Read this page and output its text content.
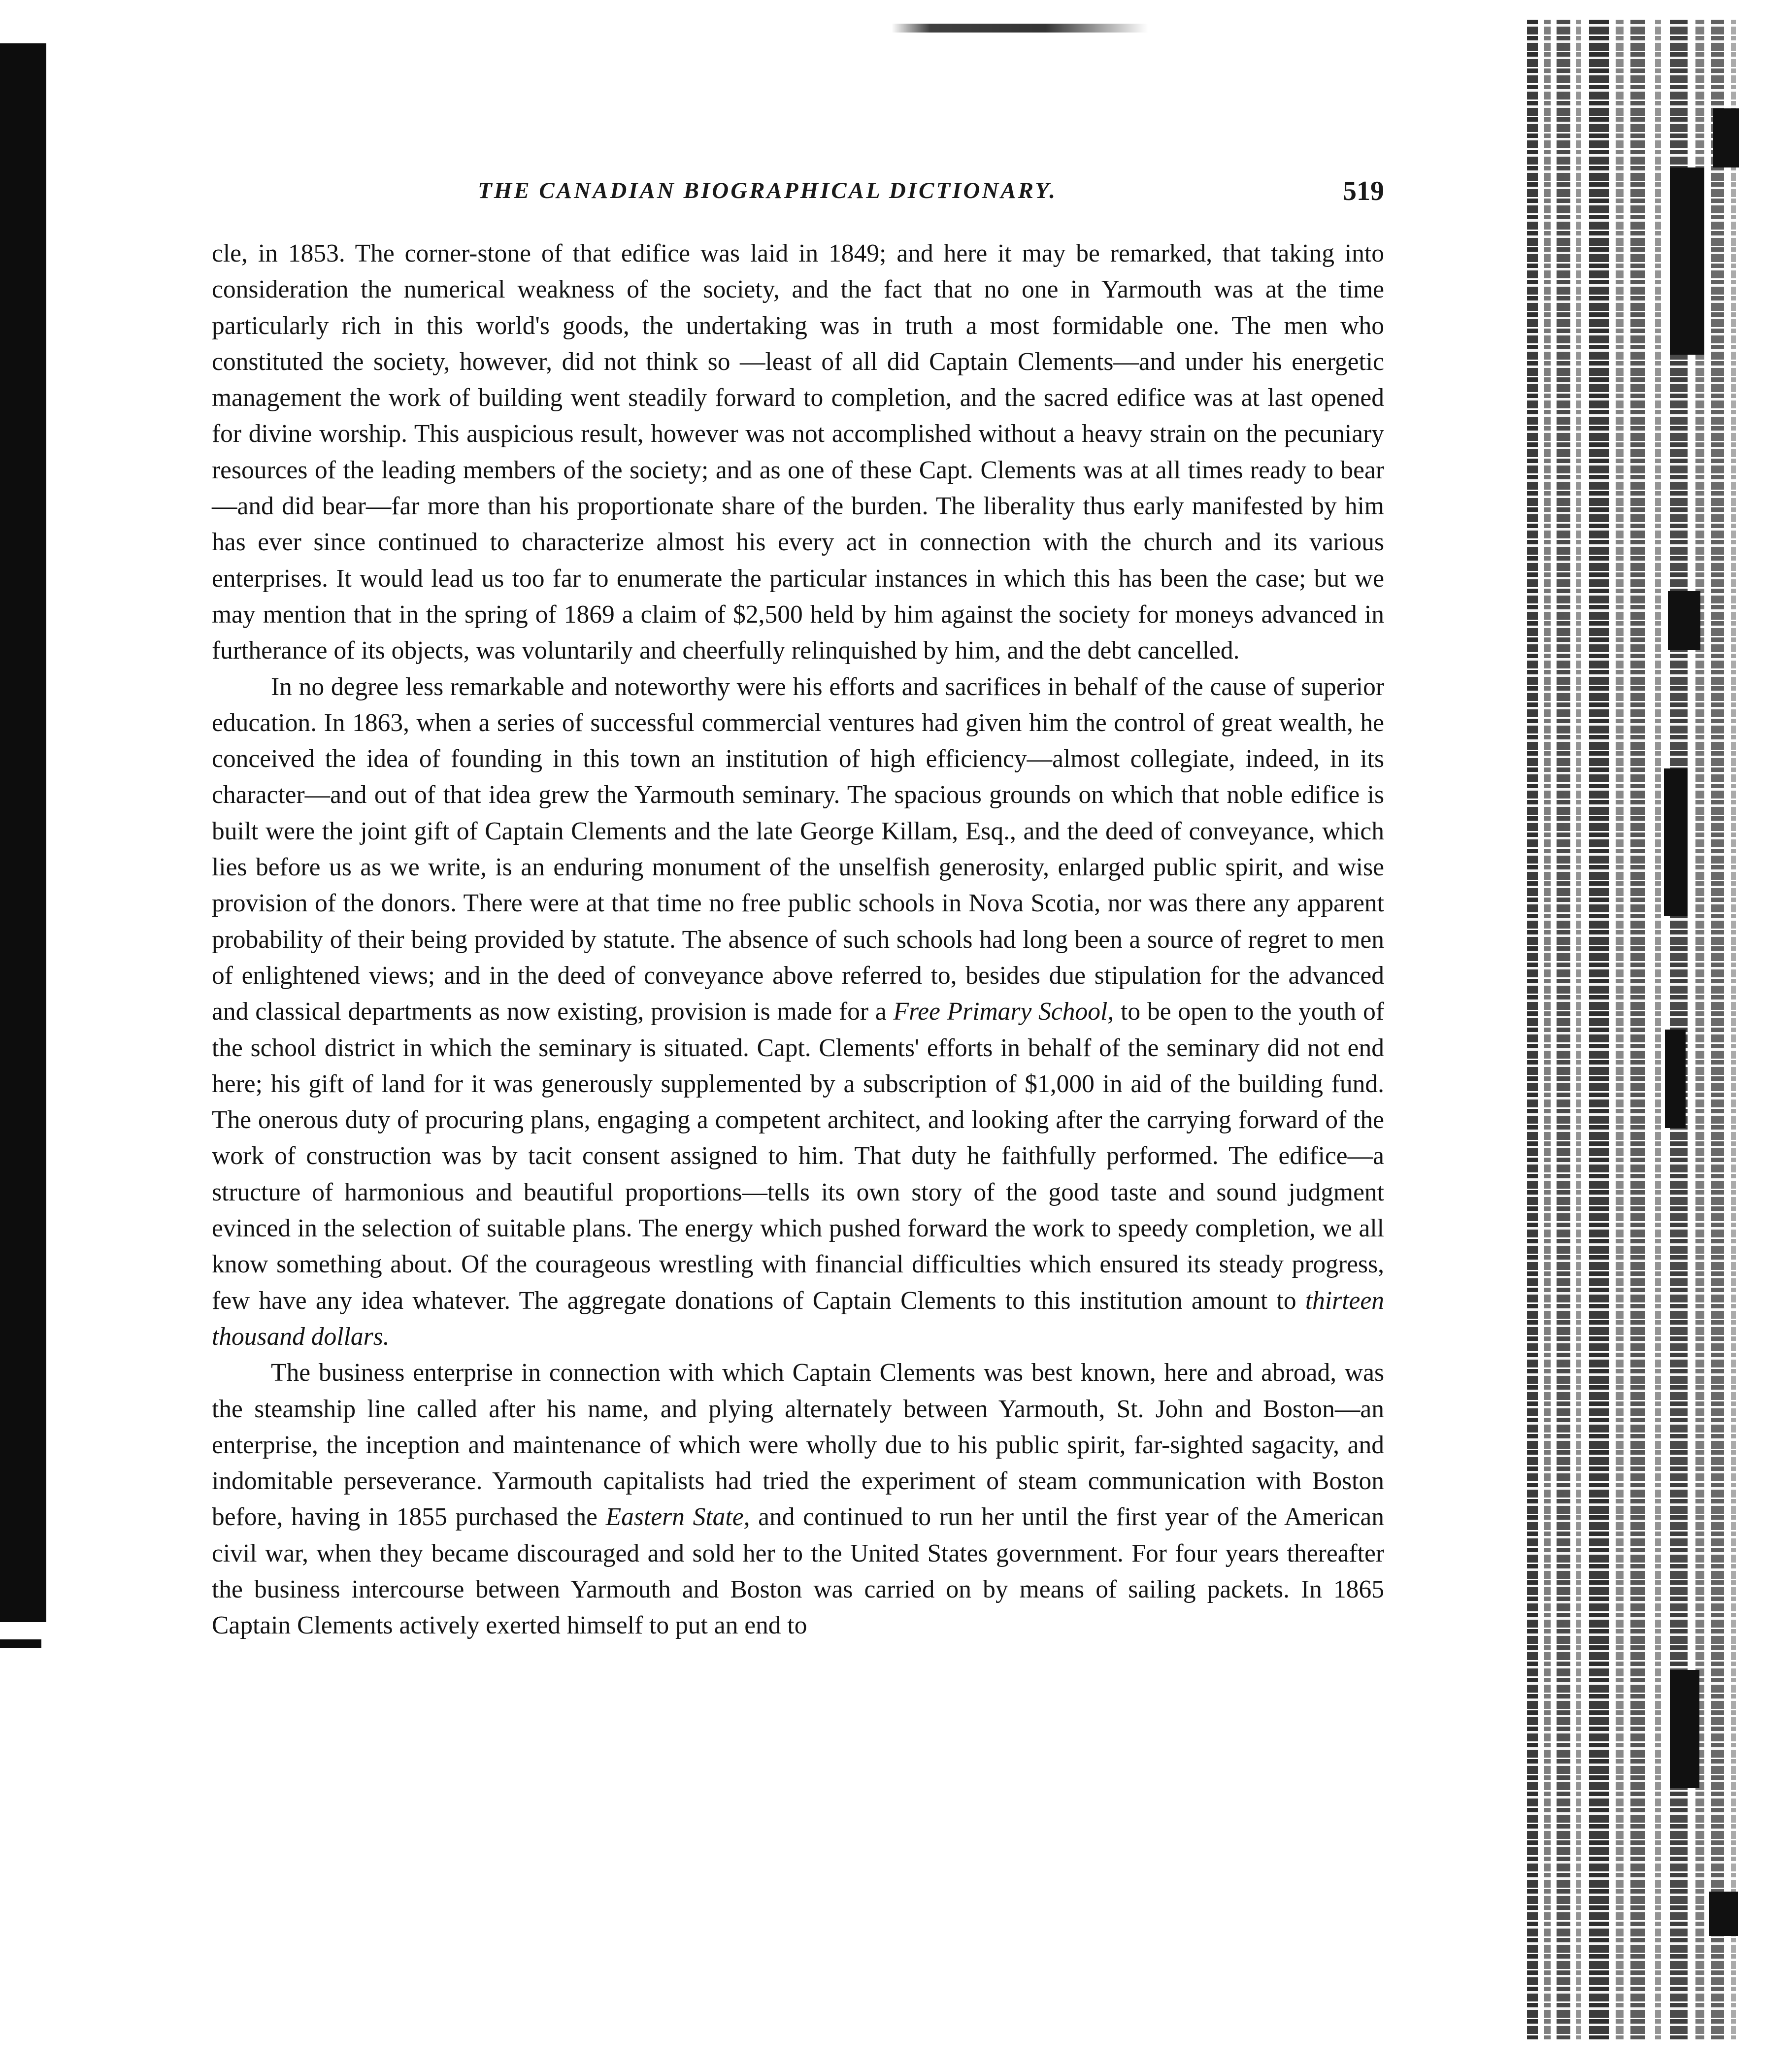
THE CANADIAN BIOGRAPHICAL DICTIONARY.	519

cle, in 1853. The corner-stone of that edifice was laid in 1849; and here it may be remarked, that taking into consideration the numerical weakness of the society, and the fact that no one in Yarmouth was at the time particularly rich in this world's goods, the undertaking was in truth a most formidable one. The men who constituted the society, however, did not think so —least of all did Captain Clements—and under his energetic management the work of building went steadily forward to completion, and the sacred edifice was at last opened for divine worship. This auspicious result, however was not accomplished without a heavy strain on the pecuniary resources of the leading members of the society; and as one of these Capt. Clements was at all times ready to bear—and did bear—far more than his proportionate share of the burden. The liberality thus early manifested by him has ever since continued to characterize almost his every act in connection with the church and its various enterprises. It would lead us too far to enumerate the particular instances in which this has been the case; but we may mention that in the spring of 1869 a claim of $2,500 held by him against the society for moneys advanced in furtherance of its objects, was voluntarily and cheerfully relinquished by him, and the debt cancelled.

In no degree less remarkable and noteworthy were his efforts and sacrifices in behalf of the cause of superior education. In 1863, when a series of successful commercial ventures had given him the control of great wealth, he conceived the idea of founding in this town an institution of high efficiency—almost collegiate, indeed, in its character—and out of that idea grew the Yarmouth seminary. The spacious grounds on which that noble edifice is built were the joint gift of Captain Clements and the late George Killam, Esq., and the deed of conveyance, which lies before us as we write, is an enduring monument of the unselfish generosity, enlarged public spirit, and wise provision of the donors. There were at that time no free public schools in Nova Scotia, nor was there any apparent probability of their being provided by statute. The absence of such schools had long been a source of regret to men of enlightened views; and in the deed of conveyance above referred to, besides due stipulation for the advanced and classical departments as now existing, provision is made for a Free Primary School, to be open to the youth of the school district in which the seminary is situated. Capt. Clements' efforts in behalf of the seminary did not end here; his gift of land for it was generously supplemented by a subscription of $1,000 in aid of the building fund. The onerous duty of procuring plans, engaging a competent architect, and looking after the carrying forward of the work of construction was by tacit consent assigned to him. That duty he faithfully performed. The edifice—a structure of harmonious and beautiful proportions—tells its own story of the good taste and sound judgment evinced in the selection of suitable plans. The energy which pushed forward the work to speedy completion, we all know something about. Of the courageous wrestling with financial difficulties which ensured its steady progress, few have any idea whatever. The aggregate donations of Captain Clements to this institution amount to thirteen thousand dollars.

The business enterprise in connection with which Captain Clements was best known, here and abroad, was the steamship line called after his name, and plying alternately between Yarmouth, St. John and Boston—an enterprise, the inception and maintenance of which were wholly due to his public spirit, far-sighted sagacity, and indomitable perseverance. Yarmouth capitalists had tried the experiment of steam communication with Boston before, having in 1855 purchased the Eastern State, and continued to run her until the first year of the American civil war, when they became discouraged and sold her to the United States government. For four years thereafter the business intercourse between Yarmouth and Boston was carried on by means of sailing packets. In 1865 Captain Clements actively exerted himself to put an end to
